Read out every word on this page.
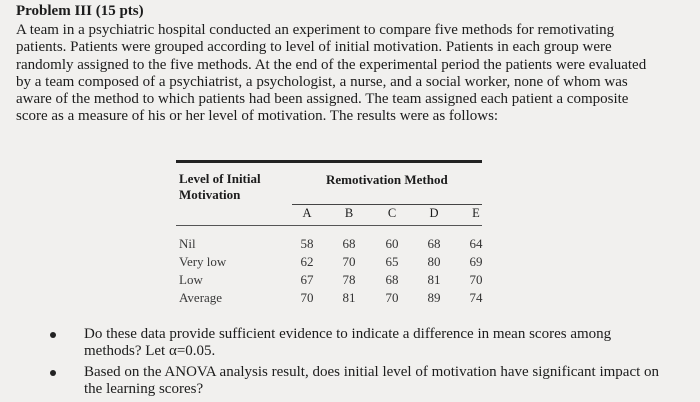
Problem III (15 pts)
A team in a psychiatric hospital conducted an experiment to compare five methods for remotivating patients. Patients were grouped according to level of initial motivation. Patients in each group were randomly assigned to the five methods. At the end of the experimental period the patients were evaluated by a team composed of a psychiatrist, a psychologist, a nurse, and a social worker, none of whom was aware of the method to which patients had been assigned. The team assigned each patient a composite score as a measure of his or her level of motivation. The results were as follows:
Level of Initial Motivation
Remotivation Method
A	B	C	D	E
Nil	58	68	60	68	64
Very low	62	70	65	80	69
Low	67	78	68	81	70
Average	70	81	70	89	74
Do these data provide sufficient evidence to indicate a difference in mean scores among methods? Let α=0.05.
Based on the ANOVA analysis result, does initial level of motivation have significant impact on the learning scores?
